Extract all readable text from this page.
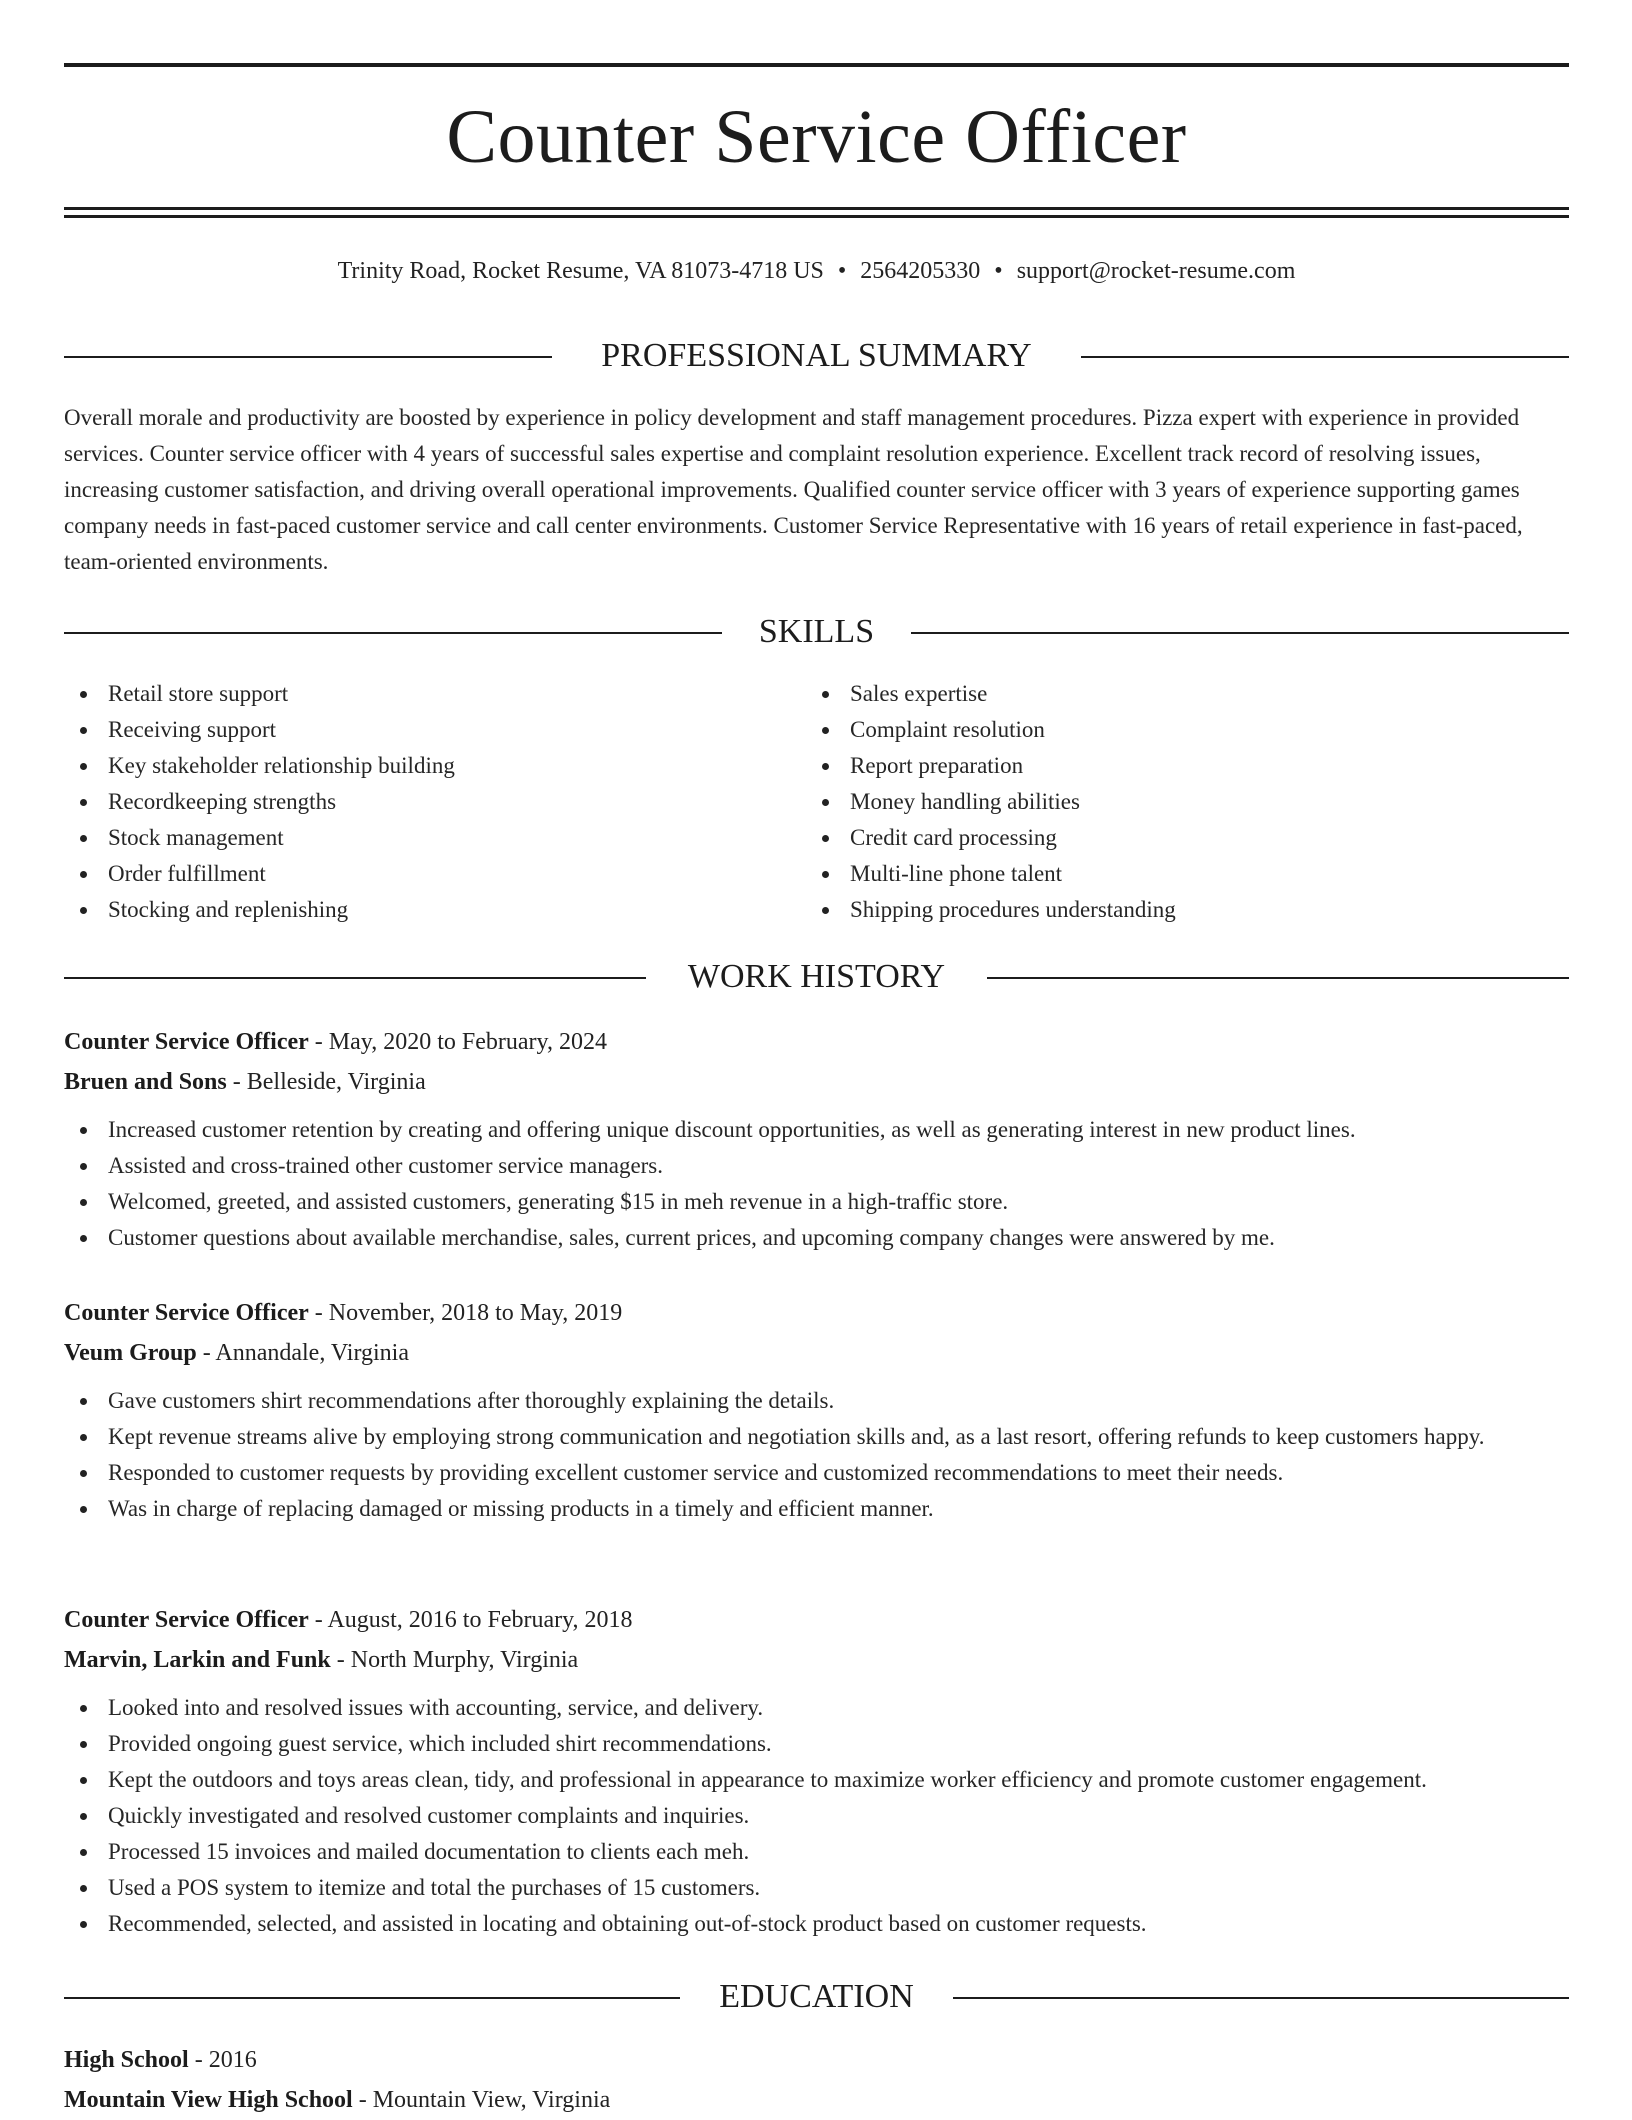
Counter Service Officer
Trinity Road, Rocket Resume, VA 81073-4718 US • 2564205330 • support@rocket-resume.com
PROFESSIONAL SUMMARY

Overall morale and productivity are boosted by experience in policy development and staff management procedures. Pizza expert with experience in provided services. Counter service officer with 4 years of successful sales expertise and complaint resolution experience. Excellent track record of resolving issues, increasing customer satisfaction, and driving overall operational improvements. Qualified counter service officer with 3 years of experience supporting games company needs in fast-paced customer service and call center environments. Customer Service Representative with 16 years of retail experience in fast-paced, team-oriented environments.

SKILLS
Retail store support
Receiving support
Key stakeholder relationship building
Recordkeeping strengths
Stock management
Order fulfillment
Stocking and replenishing
Sales expertise
Complaint resolution
Report preparation
Money handling abilities
Credit card processing
Multi-line phone talent
Shipping procedures understanding
WORK HISTORY
Counter Service Officer - May, 2020 to February, 2024
Bruen and Sons - Belleside, Virginia
Increased customer retention by creating and offering unique discount opportunities, as well as generating interest in new product lines.
Assisted and cross-trained other customer service managers.
Welcomed, greeted, and assisted customers, generating $15 in meh revenue in a high-traffic store.
Customer questions about available merchandise, sales, current prices, and upcoming company changes were answered by me.
Counter Service Officer - November, 2018 to May, 2019
Veum Group - Annandale, Virginia
Gave customers shirt recommendations after thoroughly explaining the details.
Kept revenue streams alive by employing strong communication and negotiation skills and, as a last resort, offering refunds to keep customers happy.
Responded to customer requests by providing excellent customer service and customized recommendations to meet their needs.
Was in charge of replacing damaged or missing products in a timely and efficient manner.
Counter Service Officer - August, 2016 to February, 2018
Marvin, Larkin and Funk - North Murphy, Virginia
Looked into and resolved issues with accounting, service, and delivery.
Provided ongoing guest service, which included shirt recommendations.
Kept the outdoors and toys areas clean, tidy, and professional in appearance to maximize worker efficiency and promote customer engagement.
Quickly investigated and resolved customer complaints and inquiries.
Processed 15 invoices and mailed documentation to clients each meh.
Used a POS system to itemize and total the purchases of 15 customers.
Recommended, selected, and assisted in locating and obtaining out-of-stock product based on customer requests.
EDUCATION
High School - 2016
Mountain View High School - Mountain View, Virginia
